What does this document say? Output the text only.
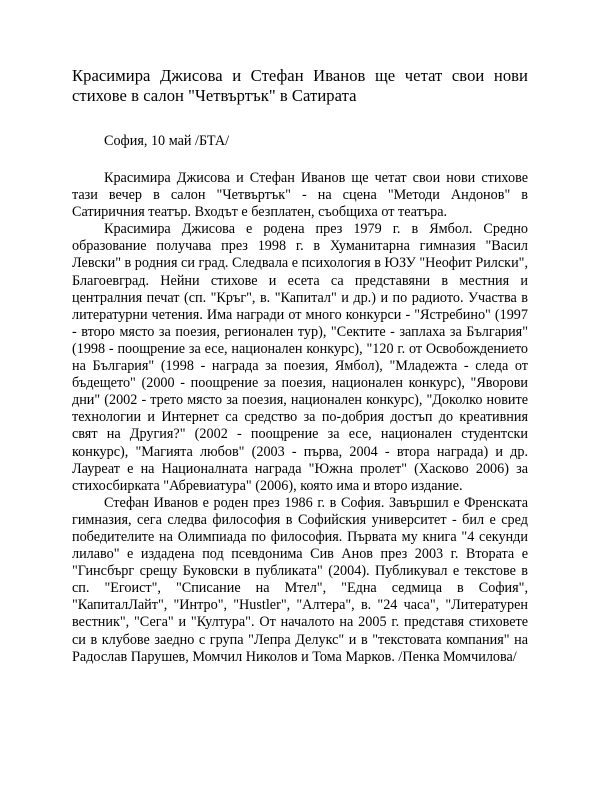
Красимира Джисова и Стефан Иванов ще четат свои нови стихове в салон "Четвъртък" в Сатирата
София, 10 май /БТА/

Красимира Джисова и Стефан Иванов ще четат свои нови стихове тази вечер в салон "Четвъртък" - на сцена "Методи Андонов" в Сатиричния театър. Входът е безплатен, съобщиха от театъра.

Красимира Джисова е родена през 1979 г. в Ямбол. Средно образование получава през 1998 г. в Хуманитарна гимназия "Васил Левски" в родния си град. Следвала е психология в ЮЗУ "Неофит Рилски", Благоевград. Нейни стихове и есета са представяни в местния и централния печат (сп. "Кръг", в. "Капитал" и др.) и по радиото. Участва в литературни четения. Има награди от много конкурси - "Ястребино" (1997 - второ място за поезия, регионален тур), "Сектите - заплаха за България" (1998 - поощрение за есе, национален конкурс), "120 г. от Освобождението на България" (1998 - награда за поезия, Ямбол), "Младежта - следа от бъдещето" (2000 - поощрение за поезия, национален конкурс), "Яворови дни" (2002 - трето място за поезия, национален конкурс), "Доколко новите технологии и Интернет са средство за по-добрия достъп до креативния свят на Другия?" (2002 - поощрение за есе, национален студентски конкурс), "Магията любов" (2003 - първа, 2004 - втора награда) и др. Лауреат е на Националната награда "Южна пролет" (Хасково 2006) за стихосбирката "Абревиатура" (2006), която има и второ издание.

Стефан Иванов е роден през 1986 г. в София. Завършил е Френската гимназия, сега следва философия в Софийския университет - бил е сред победителите на Олимпиада по философия. Първата му книга "4 секунди лилаво" е издадена под псевдонима Сив Анов през 2003 г. Втората е "Гинсбърг срещу Буковски в публиката" (2004). Публикувал е текстове в сп. "Егоист", "Списание на Мтел", "Една седмица в София", "КапиталЛайт", "Интро", "Hustler", "Алтера", в. "24 часа", "Литературен вестник", "Сега" и "Култура". От началото на 2005 г. представя стиховете си в клубове заедно с група "Лепра Делукс" и в "текстовата компания" на Радослав Парушев, Момчил Николов и Тома Марков. /Пенка Момчилова/
